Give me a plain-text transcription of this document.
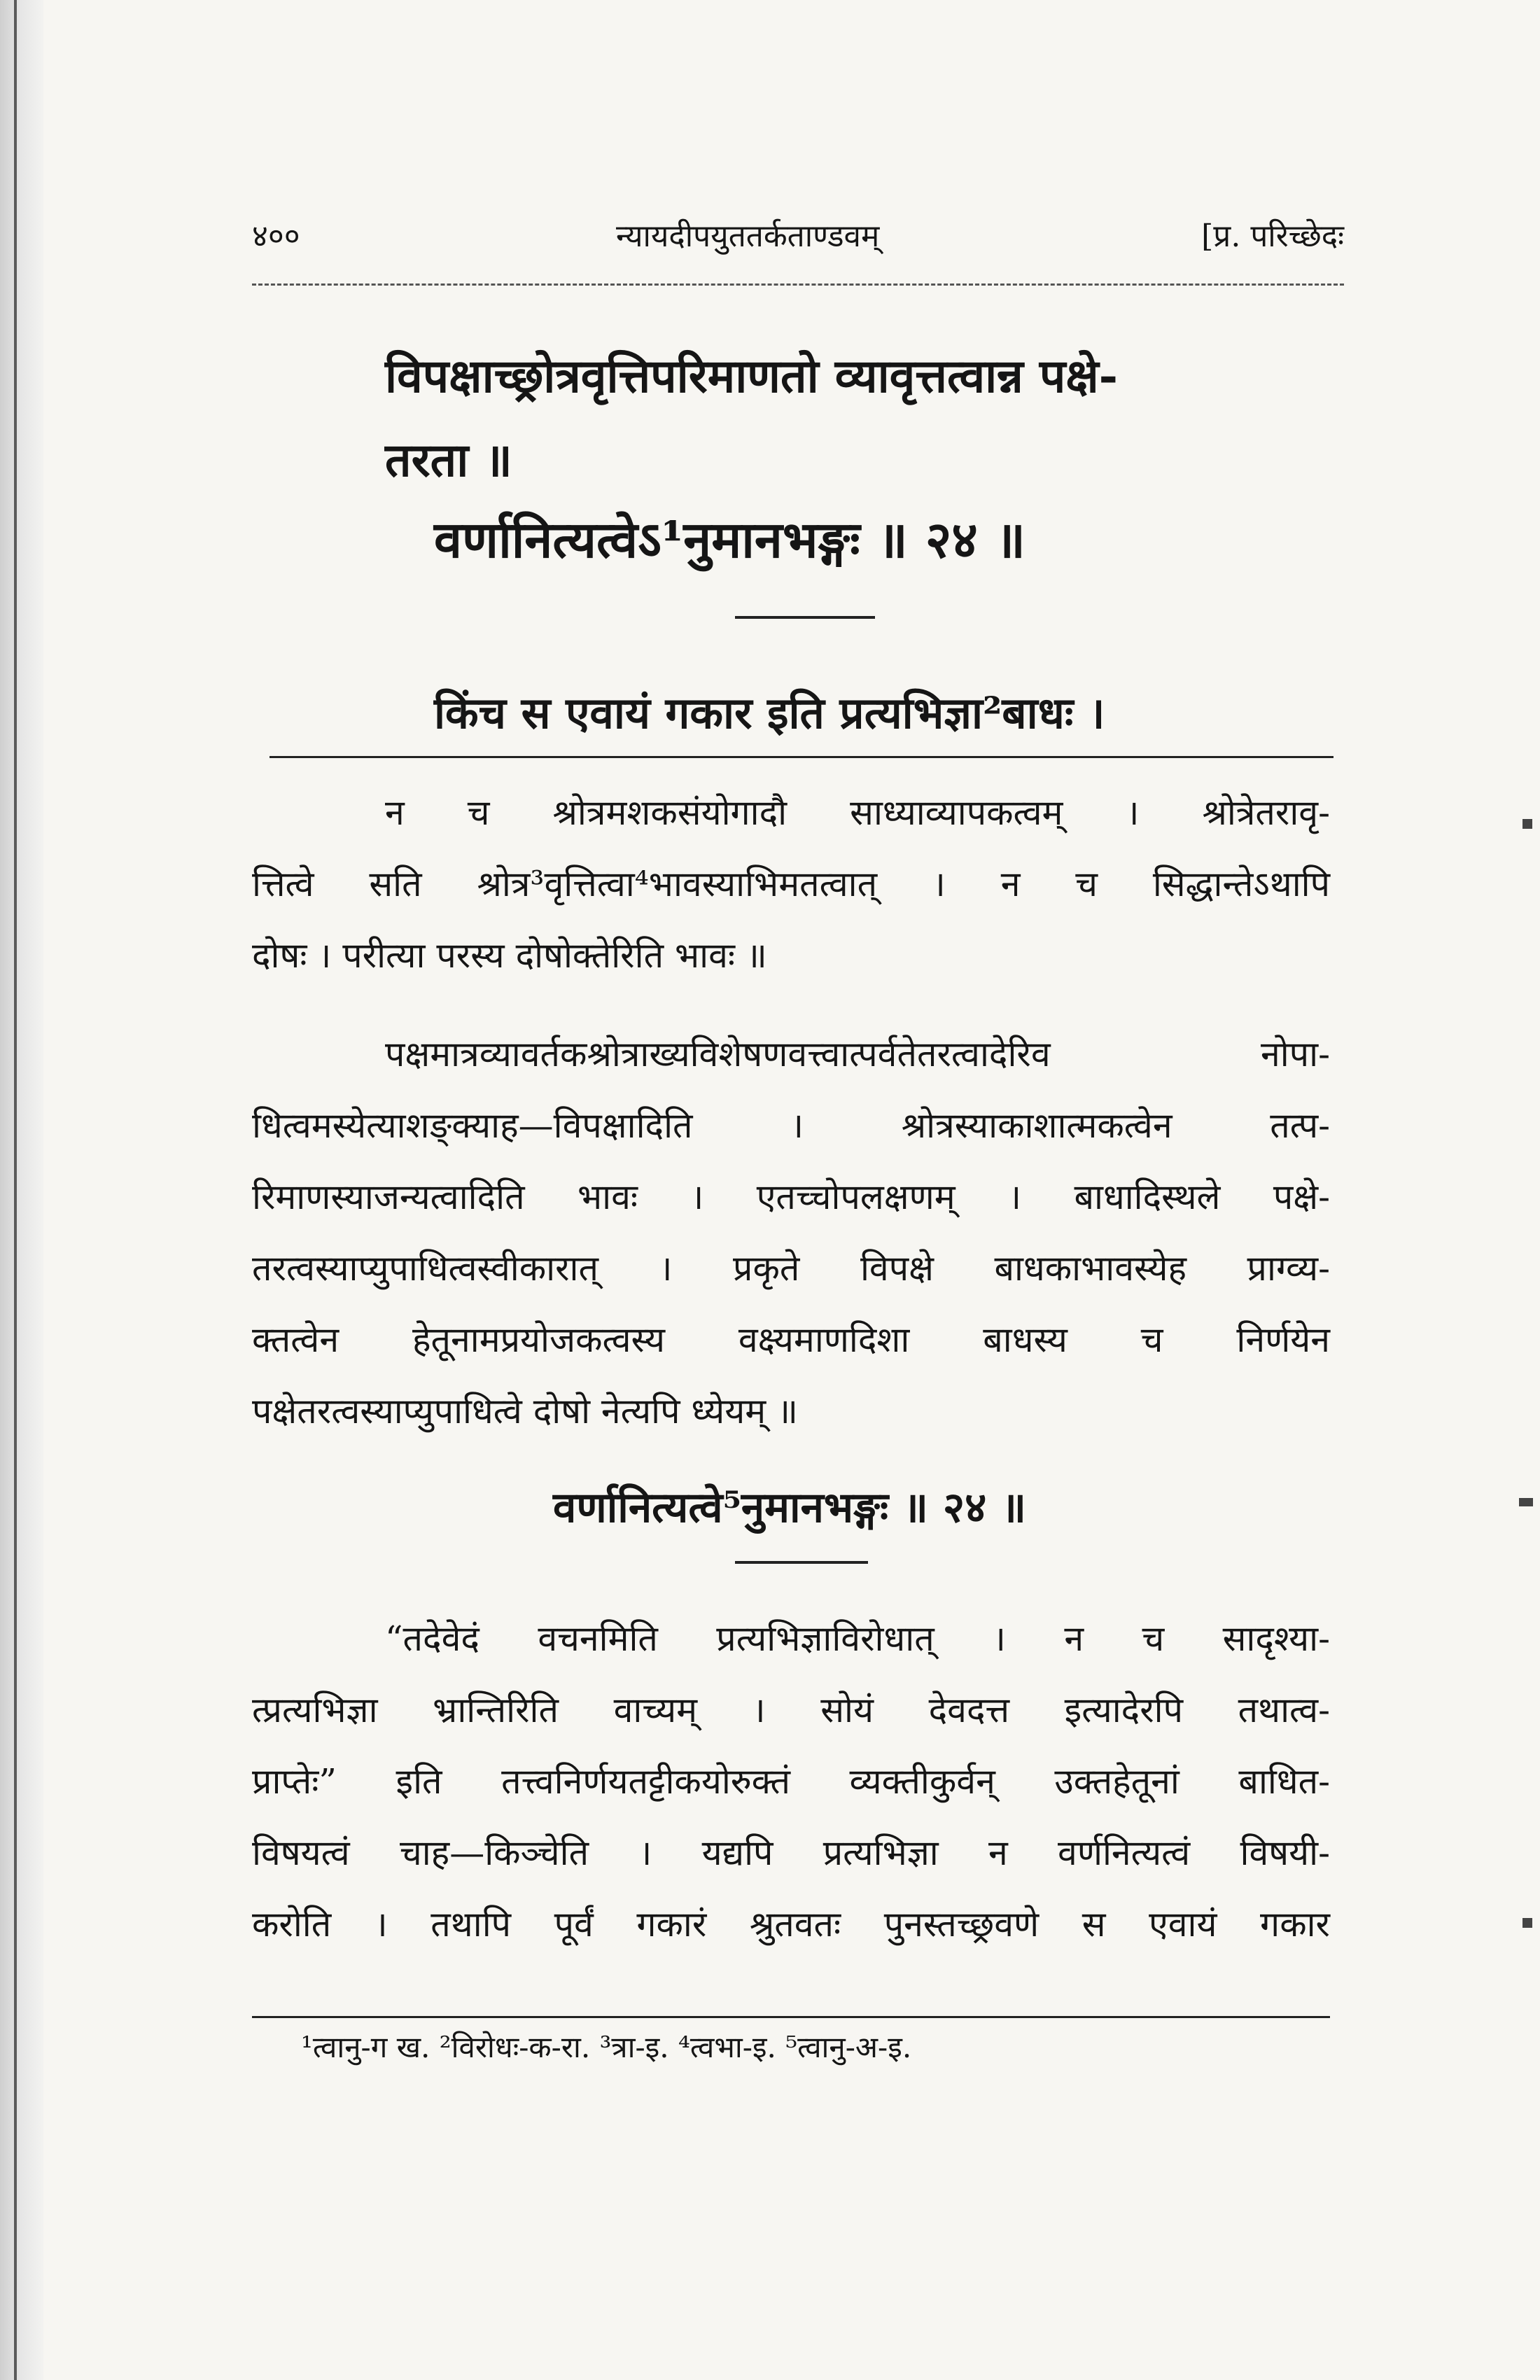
४००	न्यायदीपयुततर्कताण्डवम्	[प्र. परिच्छेदः
विपक्षाच्छ्रोत्रवृत्तिपरिमाणतो व्यावृत्तत्वान्न पक्षे-
तरता ॥
वर्णानित्यत्वेऽ¹नुमानभङ्गः ॥ २४ ॥
किंच स एवायं गकार इति प्रत्यभिज्ञा²बाधः ।

न च श्रोत्रमशकसंयोगादौ साध्याव्यापकत्वम् । श्रोत्रेतरावृ-

त्तित्वे सति श्रोत्र³वृत्तित्वा⁴भावस्याभिमतत्वात् । न च सिद्धान्तेऽथापि

दोषः । परीत्या परस्य दोषोक्तेरिति भावः ॥

पक्षमात्रव्यावर्तकश्रोत्राख्यविशेषणवत्त्वात्पर्वतेतरत्वादेरिव नोपा-

धित्वमस्येत्याशङ्क्याह—विपक्षादिति । श्रोत्रस्याकाशात्मकत्वेन तत्प-

रिमाणस्याजन्यत्वादिति भावः । एतच्चोपलक्षणम् । बाधादिस्थले पक्षे-

तरत्वस्याप्युपाधित्वस्वीकारात् । प्रकृते विपक्षे बाधकाभावस्येह प्राग्व्य-

क्तत्वेन हेतूनामप्रयोजकत्वस्य वक्ष्यमाणदिशा बाधस्य च निर्णयेन

पक्षेतरत्वस्याप्युपाधित्वे दोषो नेत्यपि ध्येयम् ॥

वर्णानित्यत्वे⁵नुमानभङ्गः ॥ २४ ॥

“तदेवेदं वचनमिति प्रत्यभिज्ञाविरोधात् । न च सादृश्या-

त्प्रत्यभिज्ञा भ्रान्तिरिति वाच्यम् । सोयं देवदत्त इत्यादेरपि तथात्व-

प्राप्तेः” इति तत्त्वनिर्णयतट्टीकयोरुक्तं व्यक्तीकुर्वन् उक्तहेतूनां बाधित-

विषयत्वं चाह—किञ्चेति । यद्यपि प्रत्यभिज्ञा न वर्णनित्यत्वं विषयी-

करोति । तथापि पूर्वं गकारं श्रुतवतः पुनस्तच्छ्रवणे स एवायं गकार

¹त्वानु-ग ख. ²विरोधः-क-रा. ³त्रा-इ. ⁴त्वभा-इ. ⁵त्वानु-अ-इ.
